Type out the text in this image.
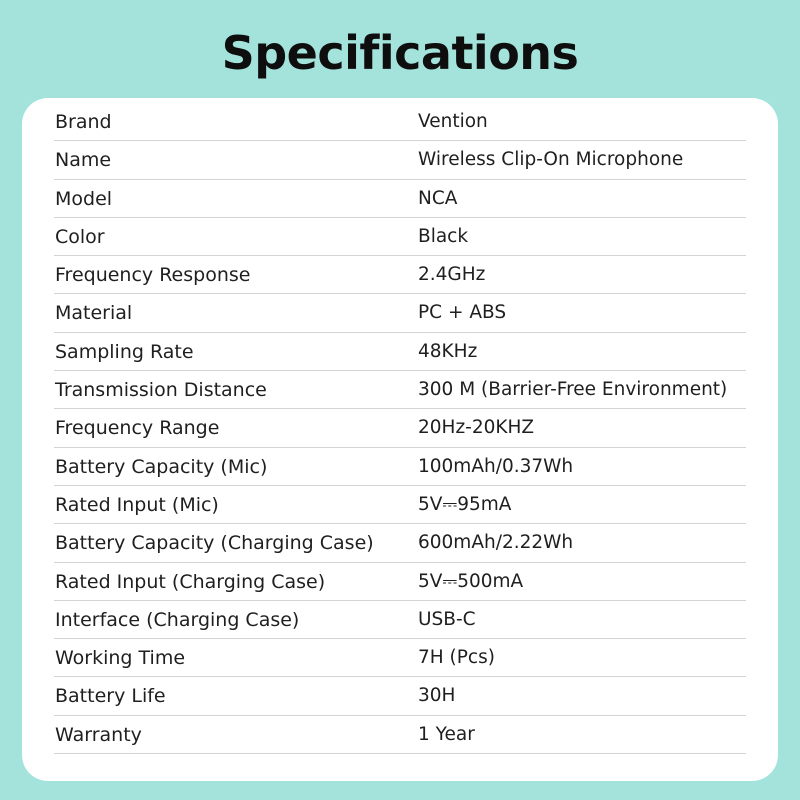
Specifications
Brand	Vention
Name	Wireless Clip-On Microphone
Model	NCA
Color	Black
Frequency Response	2.4GHz
Material	PC + ABS
Sampling Rate	48KHz
Transmission Distance	300 M (Barrier-Free Environment)
Frequency Range	20Hz-20KHZ
Battery Capacity (Mic)	100mAh/0.37Wh
Rated Input (Mic)	5V⎓95mA
Battery Capacity (Charging Case) 600mAh/2.22Wh
Rated Input (Charging Case)	5V⎓500mA
Interface (Charging Case)	USB-C
Working Time	7H (Pcs)
Battery Life	30H
Warranty	1 Year
